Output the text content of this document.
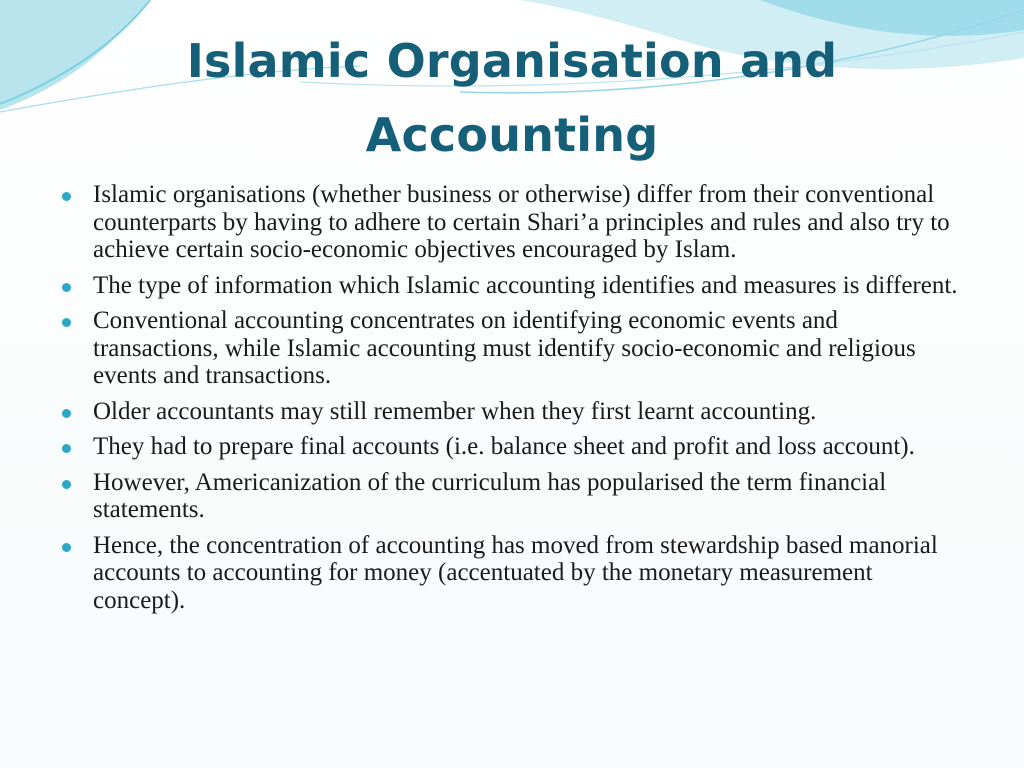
Islamic Organisation and
Accounting
Islamic organisations (whether business or otherwise) differ from their conventional counterparts by having to adhere to certain Shari’a principles and rules and also try to achieve certain socio-economic objectives encouraged by Islam.
The type of information which Islamic accounting identifies and measures is different.
Conventional accounting concentrates on identifying economic events and transactions, while Islamic accounting must identify socio-economic and religious events and transactions.
Older accountants may still remember when they first learnt accounting.
They had to prepare final accounts (i.e. balance sheet and profit and loss account).
However, Americanization of the curriculum has popularised the term financial statements.
Hence, the concentration of accounting has moved from stewardship based manorial accounts to accounting for money (accentuated by the monetary measurement concept).
